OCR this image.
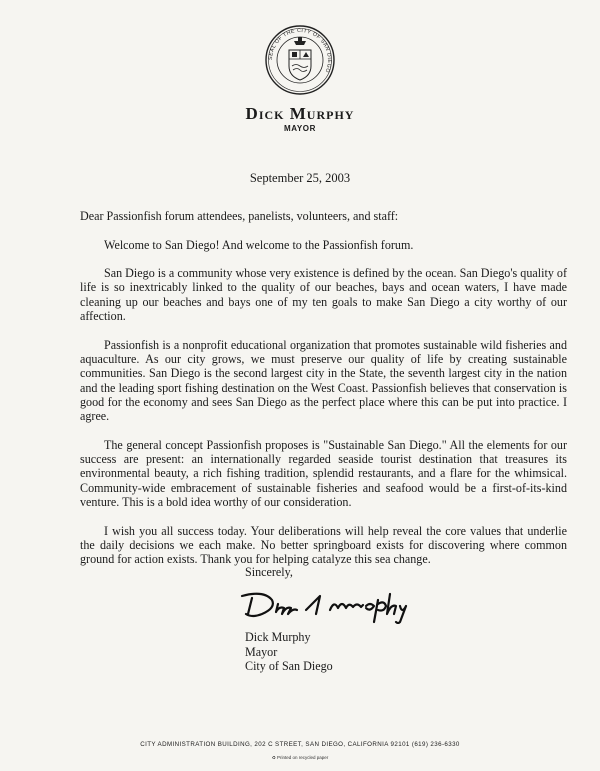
SEAL OF THE CITY OF SAN DIEGO
Dick Murphy
MAYOR
September 25, 2003

Dear Passionfish forum attendees, panelists, volunteers, and staff:

Welcome to San Diego! And welcome to the Passionfish forum.

San Diego is a community whose very existence is defined by the ocean. San Diego's quality of life is so inextricably linked to the quality of our beaches, bays and ocean waters, I have made cleaning up our beaches and bays one of my ten goals to make San Diego a city worthy of our affection.

Passionfish is a nonprofit educational organization that promotes sustainable wild fisheries and aquaculture. As our city grows, we must preserve our quality of life by creating sustainable communities. San Diego is the second largest city in the State, the seventh largest city in the nation and the leading sport fishing destination on the West Coast. Passionfish believes that conservation is good for the economy and sees San Diego as the perfect place where this can be put into practice. I agree.

The general concept Passionfish proposes is "Sustainable San Diego." All the elements for our success are present: an internationally regarded seaside tourist destination that treasures its environmental beauty, a rich fishing tradition, splendid restaurants, and a flare for the whimsical. Community-wide embracement of sustainable fisheries and seafood would be a first-of-its-kind venture. This is a bold idea worthy of our consideration.

I wish you all success today. Your deliberations will help reveal the core values that underlie the daily decisions we each make. No better springboard exists for discovering where common ground for action exists. Thank you for helping catalyze this sea change.

Sincerely,
Dick Murphy
Mayor
City of San Diego
CITY ADMINISTRATION BUILDING, 202 C STREET, SAN DIEGO, CALIFORNIA 92101 (619) 236-6330
♻ Printed on recycled paper
